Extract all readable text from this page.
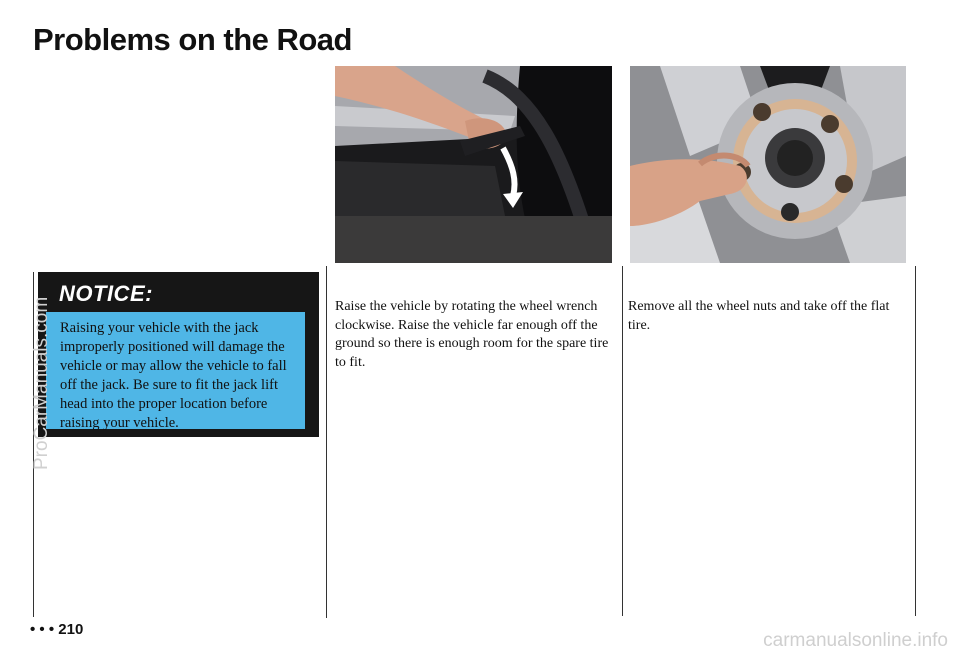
Problems on the Road
NOTICE:
Raising your vehicle with the jack improperly positioned will damage the vehicle or may allow the vehicle to fall off the jack. Be sure to fit the jack lift head into the proper location before raising your vehicle.

Raise the vehicle by rotating the wheel wrench clockwise. Raise the vehicle far enough off the ground so there is enough room for the spare tire to fit.

Remove all the wheel nuts and take off the flat tire.

• • • 210
ProCarManuals.com
carmanualsonline.info
